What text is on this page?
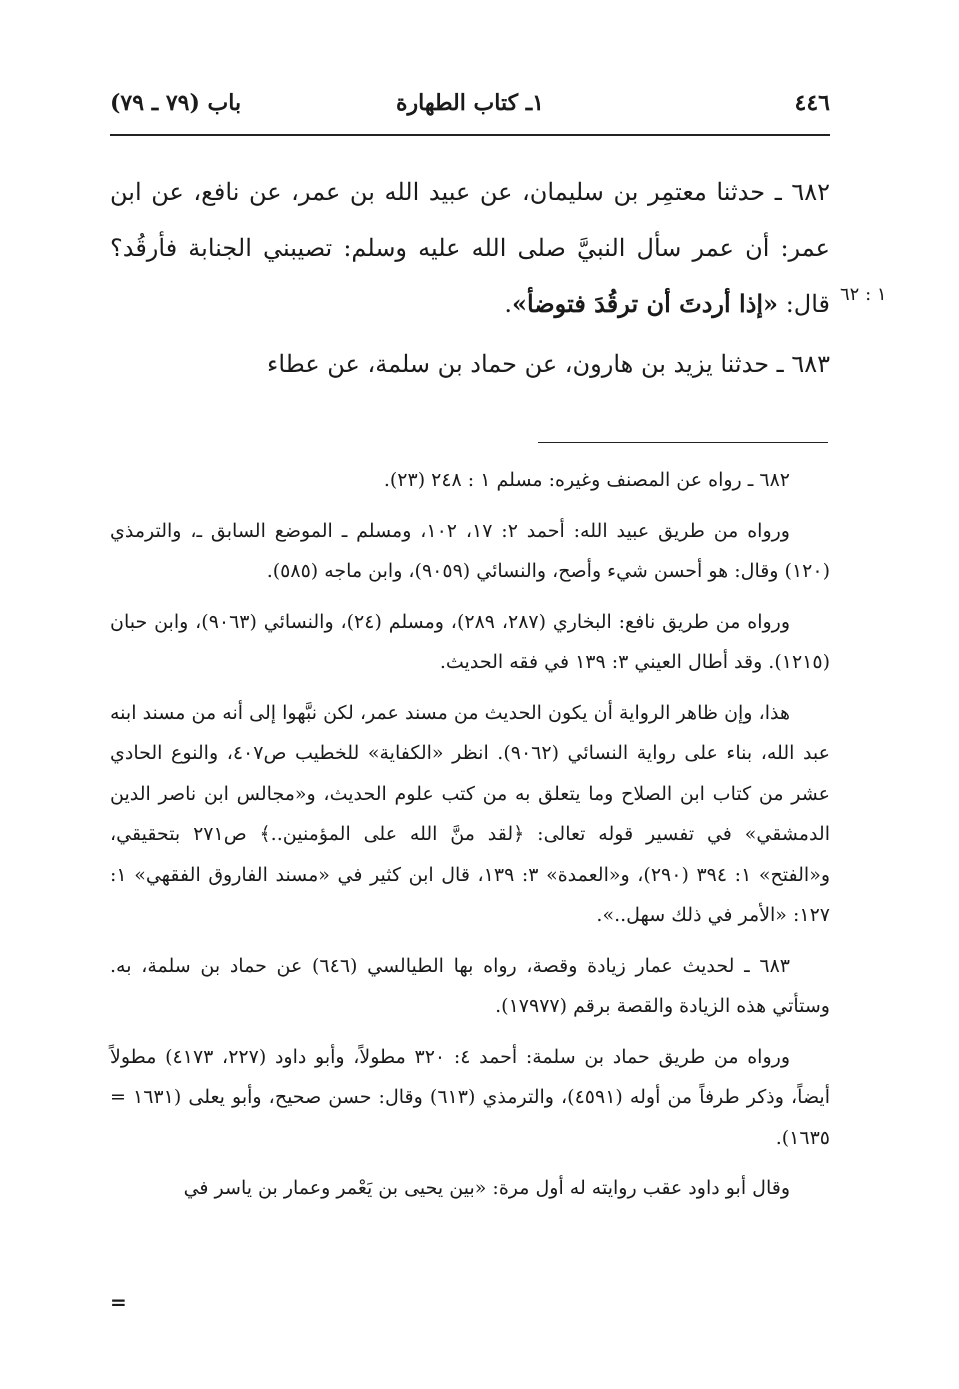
٤٤٦
١ـ كتاب الطهارة
باب (٧٩ ـ ٧٩)

٦٨٢ ـ حدثنا معتمِر بن سليمان، عن عبيد الله بن عمر، عن نافع، عن ابن عمر: أن عمر سأل النبيَّ صلى الله عليه وسلم: تصيبني الجنابة فأرقُد؟ قال: «إذا أردتَ أن ترقُدَ فتوضأ».	١ : ٦٢

٦٨٣ ـ حدثنا يزيد بن هارون، عن حماد بن سلمة، عن عطاء

٦٨٢ ـ رواه عن المصنف وغيره: مسلم ١ : ٢٤٨ (٢٣).

ورواه من طريق عبيد الله: أحمد ٢: ١٧، ١٠٢، ومسلم ـ الموضع السابق ـ، والترمذي (١٢٠) وقال: هو أحسن شيء وأصح، والنسائي (٩٠٥٩)، وابن ماجه (٥٨٥).

ورواه من طريق نافع: البخاري (٢٨٧، ٢٨٩)، ومسلم (٢٤)، والنسائي (٩٠٦٣)، وابن حبان (١٢١٥). وقد أطال العيني ٣: ١٣٩ في فقه الحديث.

هذا، وإن ظاهر الرواية أن يكون الحديث من مسند عمر، لكن نبَّهوا إلى أنه من مسند ابنه عبد الله، بناء على رواية النسائي (٩٠٦٢). انظر «الكفاية» للخطيب ص٤٠٧، والنوع الحادي عشر من كتاب ابن الصلاح وما يتعلق به من كتب علوم الحديث، و«مجالس ابن ناصر الدين الدمشقي» في تفسير قوله تعالى: ﴿لقد منَّ الله على المؤمنين..﴾ ص٢٧١ بتحقيقي، و«الفتح» ١: ٣٩٤ (٢٩٠)، و«العمدة» ٣: ١٣٩، قال ابن كثير في «مسند الفاروق الفقهي» ١: ١٢٧: «الأمر في ذلك سهل..».

٦٨٣ ـ لحديث عمار زيادة وقصة، رواه بها الطيالسي (٦٤٦) عن حماد بن سلمة، به. وستأتي هذه الزيادة والقصة برقم (١٧٩٧٧).

ورواه من طريق حماد بن سلمة: أحمد ٤: ٣٢٠ مطولاً، وأبو داود (٢٢٧، ٤١٧٣) مطولاً أيضاً، وذكر طرفاً من أوله (٤٥٩١)، والترمذي (٦١٣) وقال: حسن صحيح، وأبو يعلى (١٦٣١ = ١٦٣٥).

وقال أبو داود عقب روايته له أول مرة: «بين يحيى بن يَعْمر وعمار بن ياسر في

=
